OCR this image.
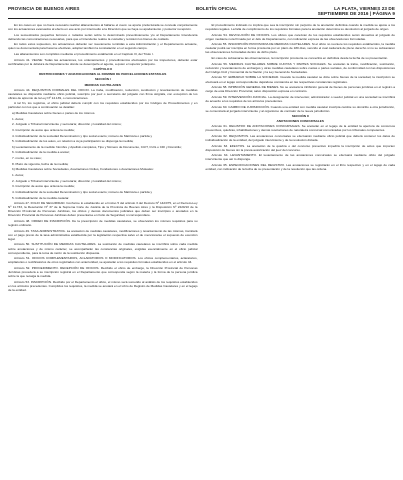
PROVINCIA DE BUENOS AIRES	BOLETÍN OFICIAL	LA PLATA, VIERNES 23 DE SEPTIEMBRE DE 2016 | PÁGINA 9

En los casos en que no fuera necesario realizar allanamientos al hallarse el cuest. se aporte prefecturada se concede conjuntamente con los actuaciones evacuados al efecto en ese acto por intermedio a la Dirección que se haya su apodamiento y posterior recepción.

Los secuestrados pequeños ferrosos o rodados serán sobre lo determinado preventivamente y/o al Departamento Intendencia debiendo las comunicaciones necesarias, para que el Intendente realice la custodia y remisión los bienes de cuidado.

En todos estos supuestos, los actuaciones deberán ser nuevamente remitidas a esta Administración y el Departamento actuante, quien se documentará para hacerse efectivas, adoptar también la constatación en el segundo campo.

Las allanamientos son cumplidos mediante el procedimiento establecido en el Capítulo III, del Título I.

Artículo 41. VEASE: Todas las actuaciones, los ordenamientos y procedimientos efectuados por los inspectores, deberán estar certificadas por la Jefatura de Departamento donde se desempeñe el agente, a quien el superior jerárquico.

CAPÍTULO II

RESTRICCIONES Y ADJUDICACIONES AL DOMINIO DE PARCELACIONES ESTATALES

SECCIÓN I

MEDIDAS CAUTELARES

Artículo 44. REQUISITOS FORMALES DEL OFICIO. La traba, modificación, reducción, sustitución y levantamiento de medidas cautelares se dispondrá mediante oficio judicial, suscripto por juez o secretario del juzgado con firma ológrafa, con excepción de los oficios de apremio de la Ley Nº 14.139, o comunicaciones.

A tal fin, los registros, el oficio judicial deberá cumplir con los requisitos establecidos por los Códigos de Procedimientos y en particular con los que a continuación se detallan:

a) Medidas Cautelares sobre bienes o partes de los mismos.

1. Autos;

2. Juzgado o Tribunal interviniente y secretaría; dirección y localidad del mismo;

3. Inscripción de autos que ordena la medida;

4. Individualización de la sociedad Denominación y tipo social exacto; número de Matrícula o partida y

5. Individualización de los autos, en relación a cuya participación se disponga la medida;

b) Levantamiento de la medida: Nombre y Apellido completos, Tipo y Número de Documento, CUIT, CUIL o CDI y Domicilio;

6. Individualización de la medida a anotar;

7. monto, en su caso;

8. Plazo de vigencia, fecha de la medida;

b) Medidas Cautelares sobre Sociedades, Asociaciones Civiles, Fundaciones o Asociaciones Mutuales:

1. Autos;

2. Juzgado o Tribunal interviniente y secretaría; dirección y localidad del mismo;

3. Inscripción de autos que ordena la medida;

4. Individualización de la sociedad Denominación y tipo social exacto; número de Matrícula o partida y

5. Individualización de la medida cautelar.

Artículo 47. FOLIO DE SEGURIDAD. Conforme lo establecido en el inciso 5 del artículo 3 del Decreto Nº 1423/75, en el Decreto-Ley Nº 11.733, la Resolución Nº 37 de la Suprema Corte de Justicia de la Provincia de Buenos Aires y la Disposición Nº 2220/10 de la Dirección Provincial de Personas Jurídicas, los oficios y demás documentos judiciales que deben ser inscriptos o anotados en la Dirección Provincial de Personas Jurídicas deben presentarse en Folio de Seguridad, si correspondiere.

Artículo 48. ORDEN DE INSCRIPCIÓN. De la prescripción de medidas cautelares, se observarán los mismos requisitos para su registro ordinario.

Artículo 49. TASA ADMINISTRATIVA. La anotación de medidas cautelares, modificaciones y levantamiento de las mismas, tramitará con el pago previo de la tasa administrativa establecida por la legislación respectiva salvo el de mencionarse el supuesto de exención legal.

Artículo 50. SUSTITUCIÓN DE MEDIDAS CAUTELARES. La sustitución de medidas cautelares se inscribirá sobre cada medida sobre anotaciones y de mismo carácter, se acompañarán las constancias originales, exigidas esencialmente en el oficio judicial correspondiente, para la toma de razón de la sustitución dispuesta.

Artículo 51. OFICIOS COMPLEMENTARIOS, ACLARATORIOS O MODIFICATORIOS. Los oficios complementarios, aclaratorios, ampliatorios o rectificatorios de otros registrados con anterioridad, se ajustarán a los requisitos formales establecidos en el artículo 44.

Artículo 52. PROCEDIMIENTO. RECEPCIÓN DE OFICIOS. Recibido el oficio de embargo, la Dirección Provincial de Personas Jurídicas procederá a su inscripción registral en el Departamento que corresponda según la materia y la forma de la persona jurídica sobre la que recaiga la medida.

Artículo 53. INSCRIPCIÓN. Recibido por el Departamento el oficio, el mismo será sometido al análisis de los requisitos establecidos en los artículos precedentes. Cumplidos los requisitos, la medida se anotará en el Libro de Registro de Medidas Cautelares y en el legajo de la entidad.

El procedimiento indicado no implica que sea la inscripción sin perjuicio de la anotación definitiva cuando la medida se ajuste a los requisitos legales. La falta de cumplimiento de los requisitos formales para la anotación determina su devolución al juzgado de origen.

Artículo 54. DEVOLUCIÓN DE OFICIOS. Los oficios que carezcan de los requisitos establecidos serán devueltos al juzgado de origen mediante nota firmada por el Jefe de Departamento, con indicación expresa de las observaciones formuladas.

Artículo 55. INSCRIPCIÓN PROVISORIA DE MEDIDAS CAUTELARES. Si el oficio no reuniere los requisitos establecidos, la medida cautelar podrá ser inscripta en forma provisoria por un plazo de 180 días, vencido el cual caducará de pleno derecho si no se subsanaren las observaciones formuladas dentro de dicho plazo.

En caso de subsanarse las observaciones, la inscripción provisoria se convertirá en definitiva desde la fecha de su presentación.

Artículo 56. MEDIDAS CAUTELARES SOBRE CUOTAS Y PARTES SOCIALES. Se anotarán la traba, modificación, sustitución, reducción y levantamiento de embargos y otras medidas cautelares sobre cuotas o partes sociales, de conformidad con las disposiciones del Código Civil y Comercial de la Nación y la Ley General de Sociedades.

Artículo 57. EMBARGO SOBRE LA SOCIEDAD. Cuando la medida cautelar se dicte sobre bienes de la sociedad, la inscripción se efectuará en el legajo correspondiente dejándose constancia en las respectivas constancias registrales.

Artículo 58. INHIBICIÓN GENERAL DE BIENES. No se anotará la inhibición general de bienes de personas jurídicas en el registro a cargo de esta Dirección Provincial, salvo disposición expresa en contrario.

Artículo 59. INTERVENCIÓN JUDICIAL. La designación de interventor, administrador o veedor judicial en una sociedad se inscribirá de acuerdo a los requisitos de los artículos precedentes.

Artículo 60. CAMBIO DE JURISDICCIÓN. Cuando una entidad con medida cautelar inscripta cambie su domicilio a otra jurisdicción, se comunicará al juzgado interviniente y al organismo de contralor de la nueva jurisdicción.

SECCIÓN II

ANOTACIONES CONCURSALES

Artículo 61. REGISTRO DE ANOTACIONES CONCURSALES. Se anotarán en el legajo de la entidad la apertura de concursos preventivos, quiebras, inhabilitaciones y demás resoluciones de naturaleza concursal comunicadas por los tribunales competentes.

Artículo 62. REQUISITOS. Las anotaciones concursales se efectuarán mediante oficio judicial que deberá contener los datos de individualización de la entidad, del juzgado interviniente y de la resolución dictada.

Artículo 63. EFECTOS. La anotación de la quiebra o del concurso preventivo impedirá la inscripción de actos que importen disposición de bienes sin la previa autorización del juez del concurso.

Artículo 64. LEVANTAMIENTO. El levantamiento de las anotaciones concursales se efectuará mediante oficio del juzgado interviniente que así lo disponga.

Artículo 65. ESPECIFICACIONES DEL REGISTRO. Las anotaciones se registrarán en el libro respectivo y en el legajo de cada entidad, con indicación de la fecha de su presentación y de la resolución que las ordena.
